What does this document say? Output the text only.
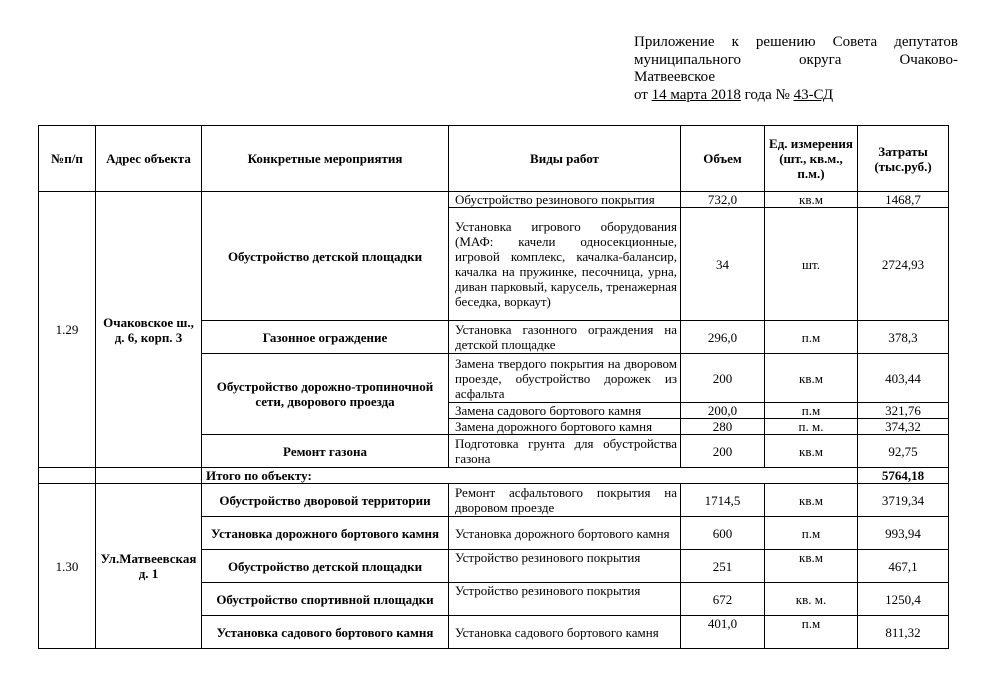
Приложение к решению Совета депутатов
муниципального округа Очаково-
Матвеевское
от 14 марта 2018 года № 43-СД
№п/п	Адрес объекта	Конкретные мероприятия	Виды работ	Объем	Ед. измерения (шт., кв.м., п.м.)	Затраты (тыс.руб.)
1.29	Очаковское ш., д. 6, корп. 3	Обустройство детской площадки	Обустройство резинового покрытия	732,0	кв.м	1468,7
			Установка игрового оборудования (МАФ: качели односекционные, игровой комплекс, качалка-балансир, качалка на пружинке, песочница, урна, диван парковый, карусель, тренажерная беседка, воркаут)	34	шт.	2724,93
		Газонное ограждение	Установка газонного ограждения на детской площадке	296,0	п.м	378,3
		Обустройство дорожно-тропиночной сети, дворового проезда	Замена твердого покрытия на дворовом проезде, обустройство дорожек из асфальта	200	кв.м	403,44
			Замена садового бортового камня	200,0	п.м	321,76
			Замена дорожного бортового камня	280	п. м.	374,32
		Ремонт газона	Подготовка грунта для обустройства газона	200	кв.м	92,75
		Итого по объекту:				5764,18
1.30	Ул.Матвеевская д. 1	Обустройство дворовой территории	Ремонт асфальтового покрытия на дворовом проезде	1714,5	кв.м	3719,34
		Установка дорожного бортового камня	Установка дорожного бортового камня	600	п.м	993,94
		Обустройство детской площадки	Устройство резинового покрытия	251	кв.м	467,1
		Обустройство спортивной площадки	Устройство резинового покрытия	672	кв. м.	1250,4
		Установка садового бортового камня	Установка садового бортового камня	401,0	п.м	811,32
